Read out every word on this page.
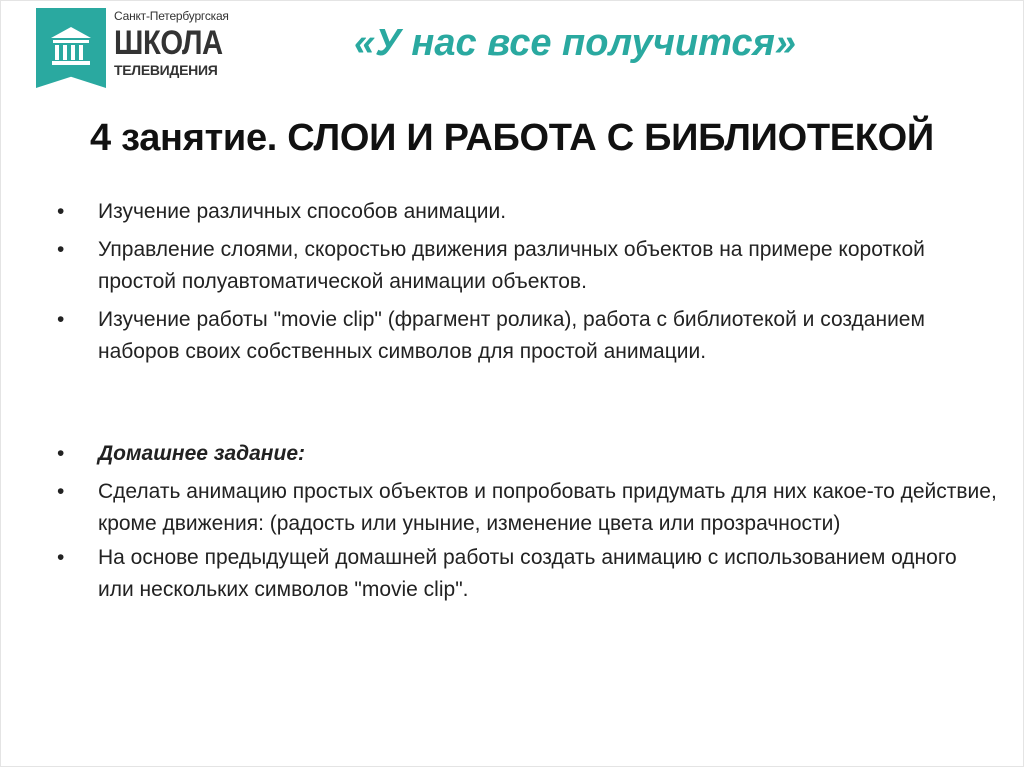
Санкт-Петербургская
ШКОЛА
ТЕЛЕВИДЕНИЯ
«У нас все получится»
4 занятие. СЛОИ И РАБОТА С БИБЛИОТЕКОЙ
• Изучение различных способов анимации.
• Управление слоями, скоростью движения различных объектов на примере короткой простой полуавтоматической анимации объектов.
• Изучение работы "movie clip" (фрагмент ролика), работа с библиотекой и созданием наборов своих собственных символов для простой анимации.
• Домашнее задание:
• Сделать анимацию простых объектов и попробовать придумать для них какое-то действие, кроме движения: (радость или уныние, изменение цвета или прозрачности)
• На основе предыдущей домашней работы создать анимацию с использованием одного или нескольких символов "movie clip".
